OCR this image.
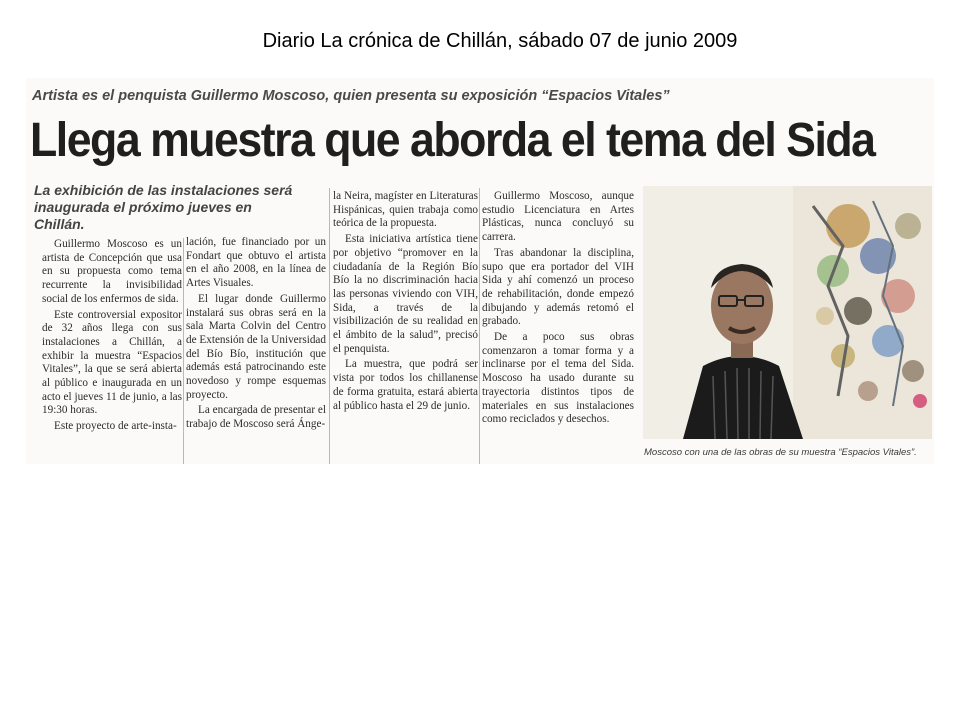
Diario La crónica de Chillán, sábado 07 de junio 2009
Artista es el penquista Guillermo Moscoso, quien presenta su exposición “Espacios Vitales”
Llega muestra que aborda el tema del Sida
La exhibición de las instalaciones será inaugurada el próximo jueves en Chillán.

Guillermo Moscoso es un artista de Concepción que usa en su propuesta como tema recurrente la invisibilidad social de los enfermos de sida.

Este controversial expositor de 32 años llega con sus instalaciones a Chillán, a exhibir la muestra “Espacios Vitales”, la que se será abierta al público e inaugurada en un acto el jueves 11 de junio, a las 19:30 horas.

Este proyecto de arte-insta-

lación, fue financiado por un Fondart que obtuvo el artista en el año 2008, en la línea de Artes Visuales.

El lugar donde Guillermo instalará sus obras será en la sala Marta Colvin del Centro de Extensión de la Universidad del Bío Bío, institución que además está patrocinando este novedoso y rompe esquemas proyecto.

La encargada de presentar el trabajo de Moscoso será Ánge-

la Neira, magíster en Literaturas Hispánicas, quien trabaja como teórica de la propuesta.

Esta iniciativa artística tiene por objetivo “promover en la ciudadanía de la Región Bío Bío la no discriminación hacia las personas viviendo con VIH, Sida, a través de la visibilización de su realidad en el ámbito de la salud”, precisó el penquista.

La muestra, que podrá ser vista por todos los chillanense de forma gratuita, estará abierta al público hasta el 29 de junio.

Guillermo Moscoso, aunque estudio Licenciatura en Artes Plásticas, nunca concluyó su carrera.

Tras abandonar la disciplina, supo que era portador del VIH Sida y ahí comenzó un proceso de rehabilitación, donde empezó dibujando y además retomó el grabado.

De a poco sus obras comenzaron a tomar forma y a inclinarse por el tema del Sida. Moscoso ha usado durante su trayectoria distintos tipos de materiales en sus instalaciones como reciclados y desechos.

Moscoso con una de las obras de su muestra “Espacios Vitales”.
